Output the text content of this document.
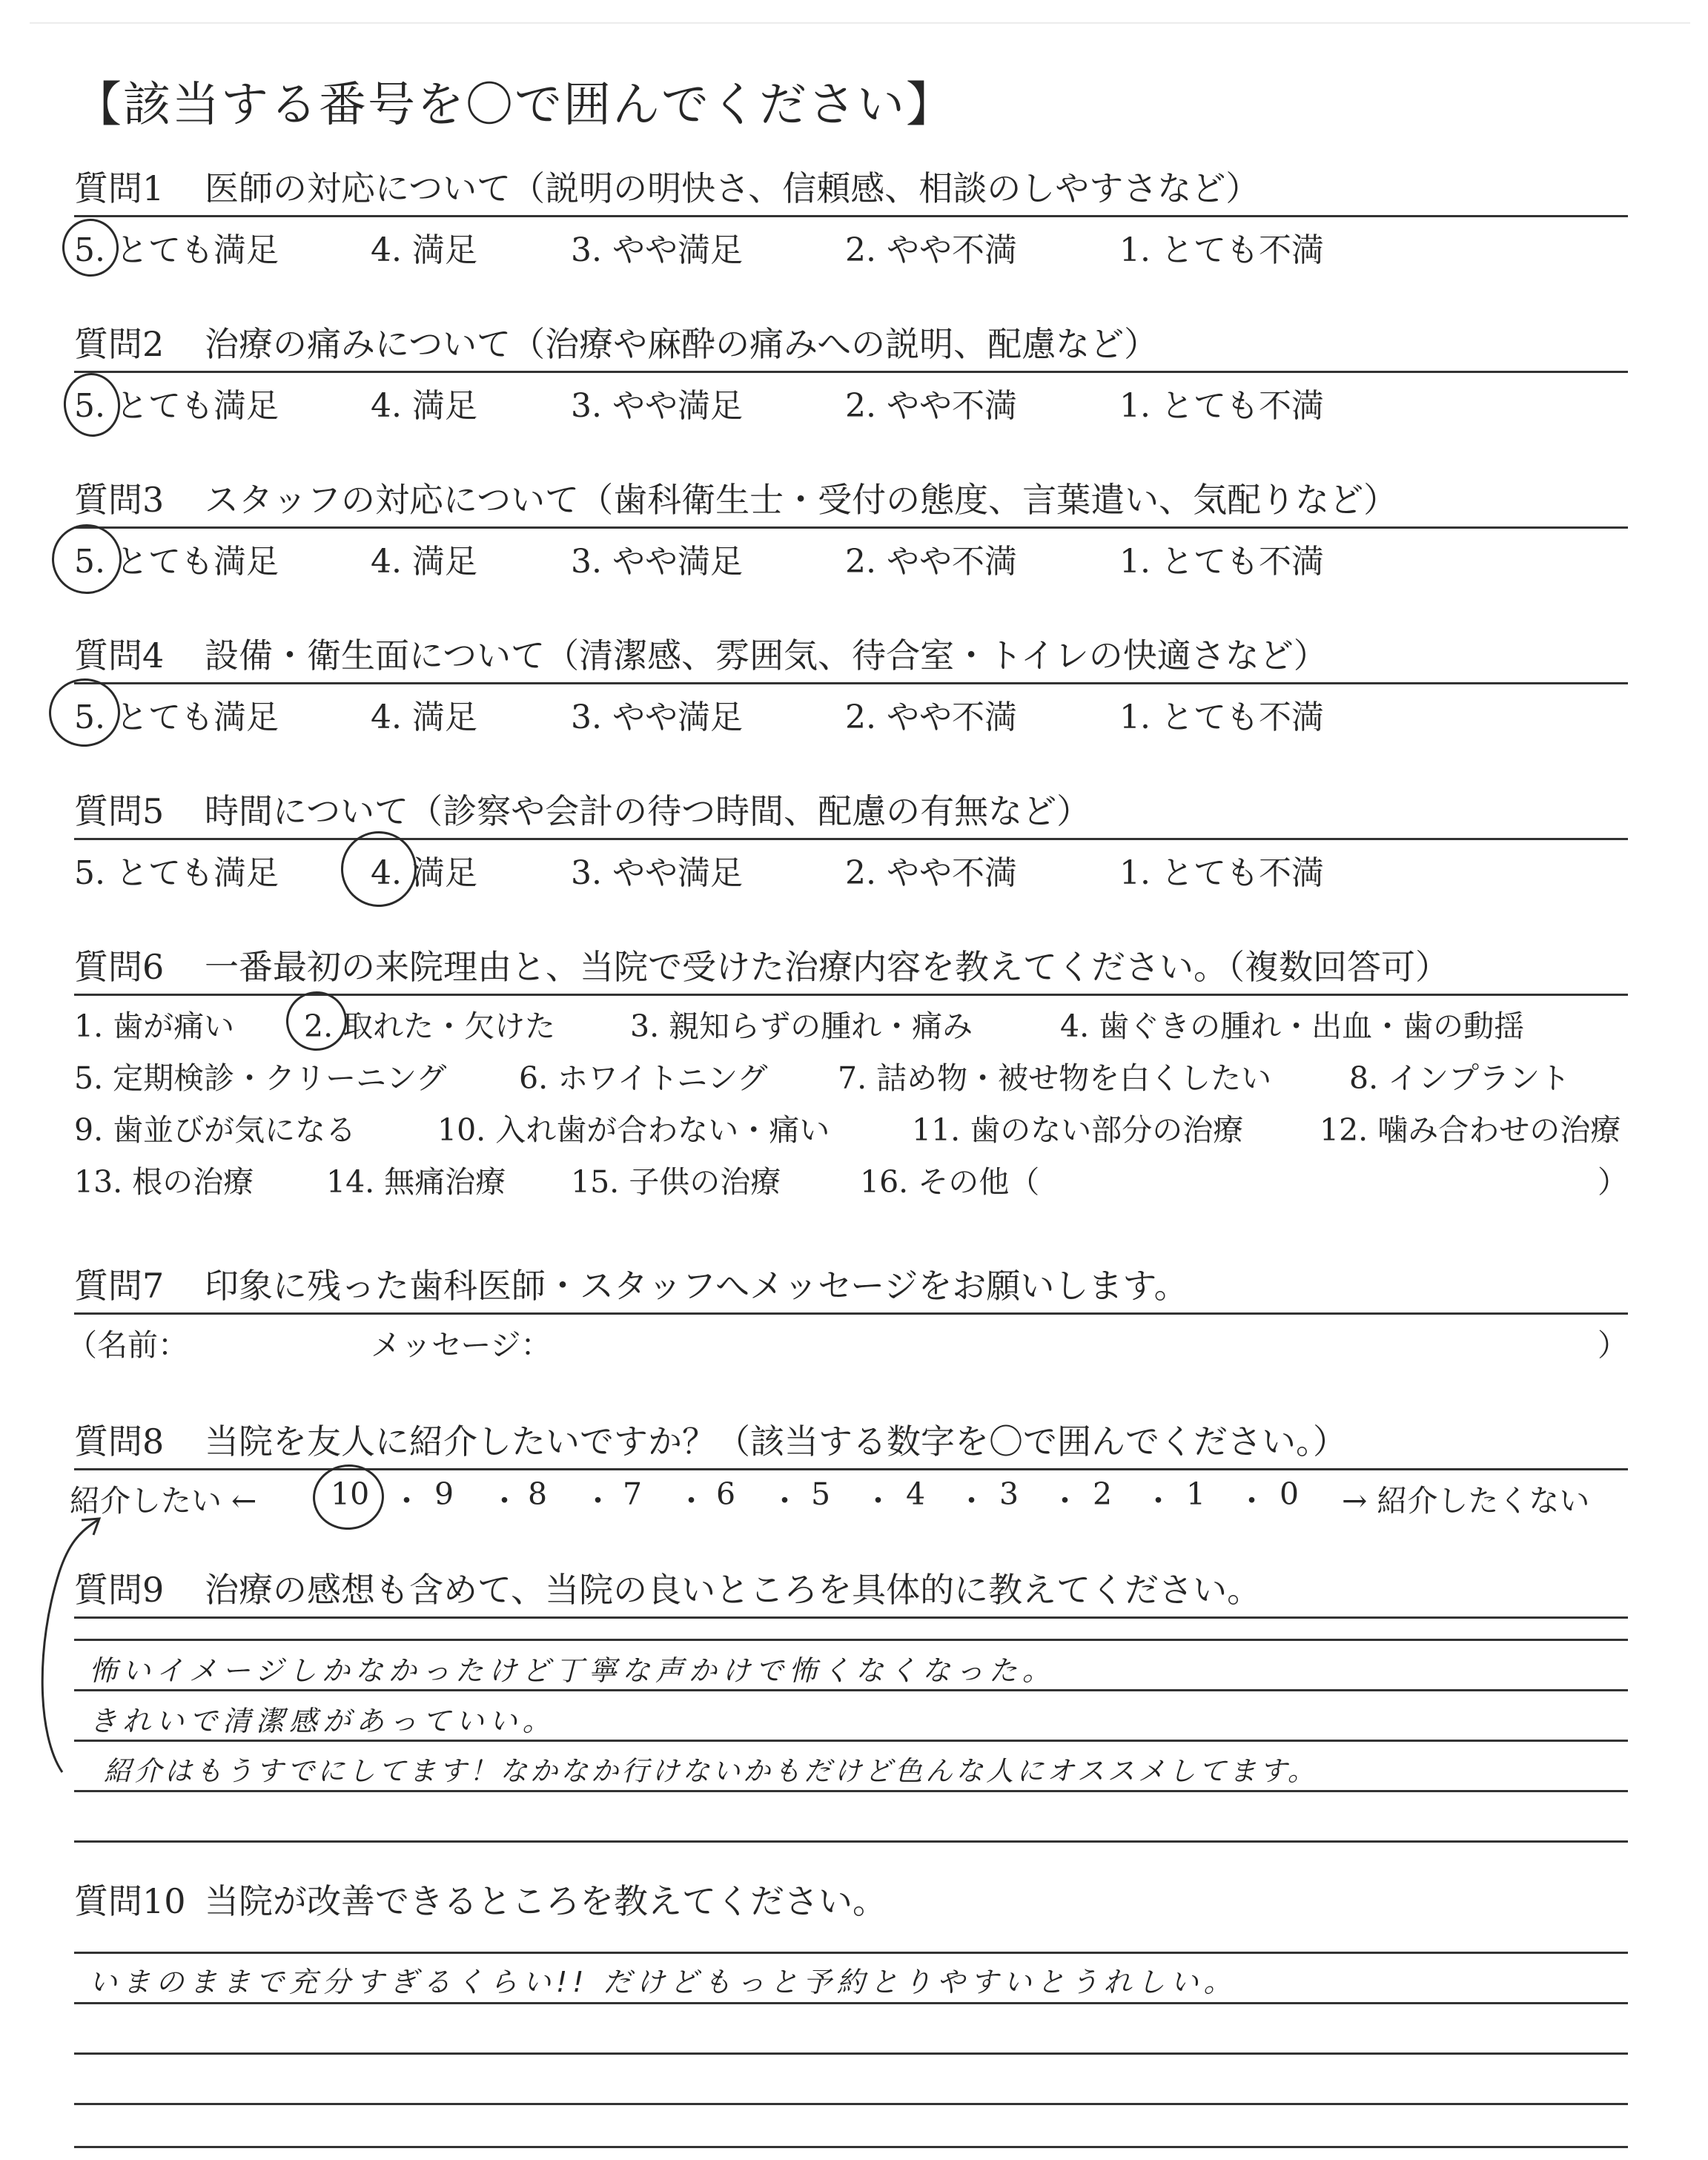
【該当する番号を〇で囲んでください】
質問1 医師の対応について（説明の明快さ、信頼感、相談のしやすさなど）
5. とても満足	4. 満足	3. やや満足	2. やや不満	1. とても不満
質問2 治療の痛みについて（治療や麻酔の痛みへの説明、配慮など）
5. とても満足	4. 満足	3. やや満足	2. やや不満	1. とても不満
質問3 スタッフの対応について（歯科衛生士・受付の態度、言葉遣い、気配りなど）
5. とても満足	4. 満足	3. やや満足	2. やや不満	1. とても不満
質問4 設備・衛生面について（清潔感、雰囲気、待合室・トイレの快適さなど）
5. とても満足	4. 満足	3. やや満足	2. やや不満	1. とても不満
質問5 時間について（診察や会計の待つ時間、配慮の有無など）
5. とても満足	4. 満足	3. やや満足	2. やや不満	1. とても不満
質問6 一番最初の来院理由と、当院で受けた治療内容を教えてください。（複数回答可）
1. 歯が痛い 2. 取れた・欠けた 3. 親知らずの腫れ・痛み	4. 歯ぐきの腫れ・出血・歯の動揺
5. 定期検診・クリーニング 6. ホワイトニング 7. 詰め物・被せ物を白くしたい	8. インプラント
9. 歯並びが気になる	10. 入れ歯が合わない・痛い	11. 歯のない部分の治療	12. 噛み合わせの治療
13. 根の治療 14. 無痛治療 15. 子供の治療	16. その他（	）
質問7 印象に残った歯科医師・スタッフへメッセージをお願いします。
（名前：	メッセージ：	）
質問8 当院を友人に紹介したいですか？（該当する数字を〇で囲んでください。）
紹介したい ← 10 ・ 9 ・ 8 ・ 7 ・ 6 ・ 5 ・ 4 ・ 3 ・ 2 ・ 1 ・ 0 → 紹介したくない
質問9 治療の感想も含めて、当院の良いところを具体的に教えてください。
怖いイメージしかなかったけど丁寧な声かけで怖くなくなった。
きれいで清潔感があっていい。
紹介はもうすでにしてます！なかなか行けないかもだけど色んな人にオススメしてます。
質問10 当院が改善できるところを教えてください。
いまのままで充分すぎるくらい!! だけどもっと予約とりやすいとうれしい。
